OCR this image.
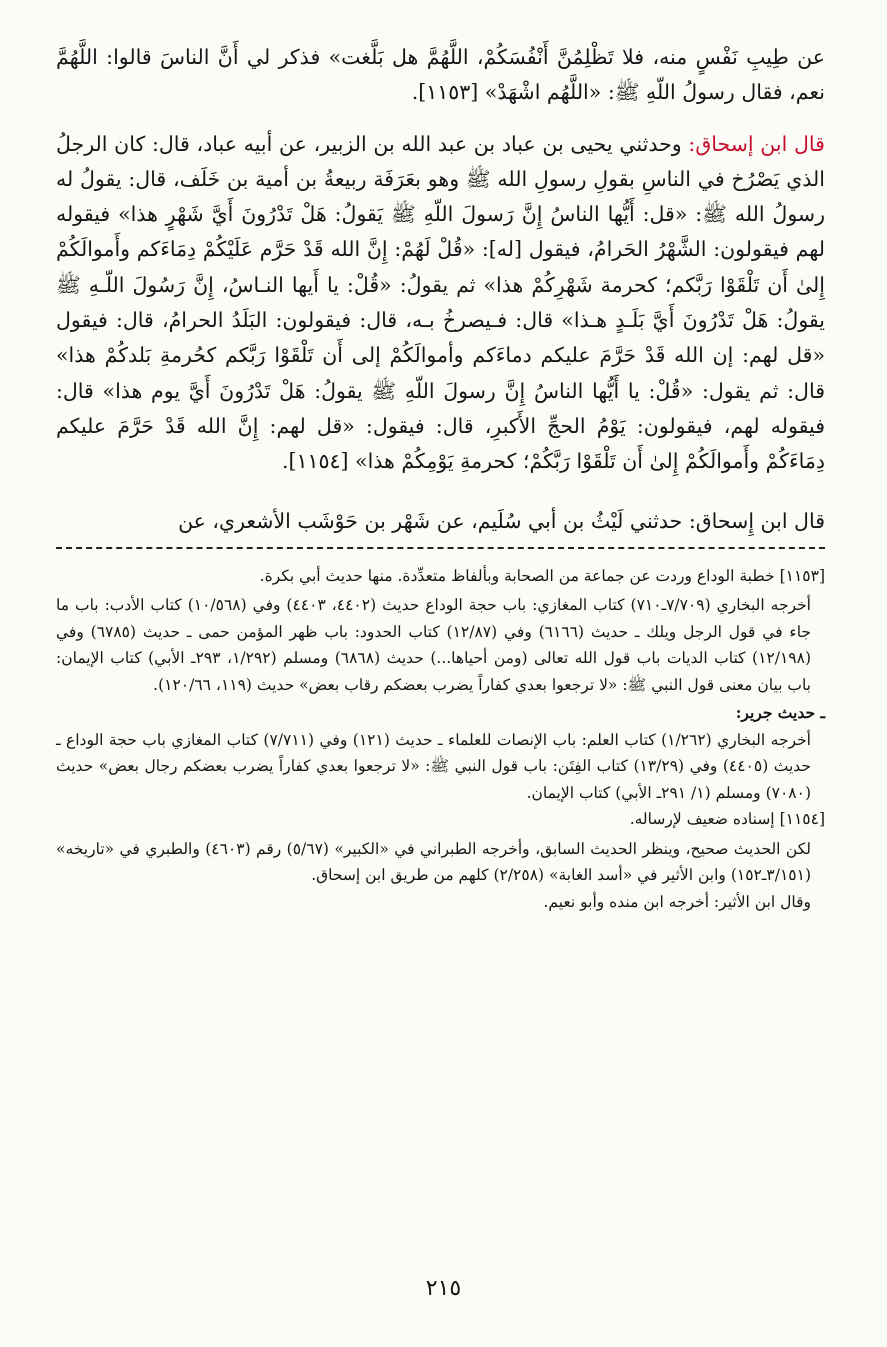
عن طِيبِ نَفْسٍ منه، فلا تَظْلِمُنَّ أَنْفُسَكُمْ، اللَّهُمَّ هل بَلَّغت» فذكر لي أَنَّ الناسَ قالوا: اللَّهُمَّ نعم، فقال رسولُ اللّهِ ﷺ: «اللَّهُم اشْهَدْ» [١١٥٣].

قال ابن إسحاق: وحدثني يحيى بن عباد بن عبد الله بن الزبير، عن أبيه عباد، قال: كان الرجلُ الذي يَصْرُخ في الناسِ بقولِ رسولِ الله ﷺ وهو بعَرَفَة ربيعةُ بن أمية بن خَلَف، قال: يقولُ له رسولُ الله ﷺ: «قل: أَيُّها الناسُ إِنَّ رَسولَ اللّهِ ﷺ يَقولُ: هَلْ تَدْرُونَ أَيَّ شَهْرٍ هذا» فيقوله لهم فيقولون: الشَّهْرُ الحَرامُ، فيقول [له]: «قُلْ لَهُمْ: إِنَّ الله قَدْ حَرَّم عَلَيْكُمْ دِمَاءَكم وأَموالَكُمْ إِلىٰ أَن تَلْقَوْا رَبَّكم؛ كحرمة شَهْرِكُمْ هذا» ثم يقولُ: «قُلْ: يا أَيها النـاسُ، إِنَّ رَسُولَ اللّـهِ ﷺ يقولُ: هَلْ تَدْرُونَ أَيَّ بَلَـدٍ هـذا» قال: فـيصرخُ بـه، قال: فيقولون: البَلَدُ الحرامُ، قال: فيقول «قل لهم: إن الله قَدْ حَرَّمَ عليكم دماءَكم وأموالَكُمْ إلى أَن تَلْقَوْا رَبَّكم كحُرمةِ بَلدكُمْ هذا» قال: ثم يقول: «قُلْ: يا أَيُّها الناسُ إِنَّ رسولَ اللّهِ ﷺ يقولُ: هَلْ تَدْرُونَ أَيَّ يوم هذا» قال: فيقوله لهم، فيقولون: يَوْمُ الحجِّ الأَكبرِ، قال: فيقول: «قل لهم: إِنَّ الله قَدْ حَرَّمَ عليكم دِمَاءَكُمْ وأَموالَكُمْ إِلىٰ أَن تَلْقَوْا رَبَّكُمْ؛ كحرمةِ يَوْمِكُمْ هذا» [١١٥٤].

قال ابن إِسحاق: حدثني لَيْثُ بن أبي سُلَيم، عن شَهْر بن حَوْشَب الأشعري، عن

[١١٥٣] خطبة الوداع وردت عن جماعة من الصحابة وبألفاظ متعدِّدة. منها حديث أبي بكرة.

أخرجه البخاري (٧/٧٠٩ـ٧١٠) كتاب المغازي: باب حجة الوداع حديث (٤٤٠٢، ٤٤٠٣) وفي (١٠/٥٦٨) كتاب الأدب: باب ما جاء في قول الرجل ويلك ـ حديث (٦١٦٦) وفي (١٢/٨٧) كتاب الحدود: باب ظهر المؤمن حمى ـ حديث (٦٧٨٥) وفي (١٢/١٩٨) كتاب الديات باب قول الله تعالى (ومن أحياها...) حديث (٦٨٦٨) ومسلم (١/٢٩٢، ٢٩٣ـ الأبي) كتاب الإيمان: باب بيان معنى قول النبي ﷺ: «لا ترجعوا بعدي كفاراً يضرب بعضكم رقاب بعض» حديث (١١٩، ١٢٠/٦٦).

ـ حديث جرير:

أخرجه البخاري (١/٢٦٢) كتاب العلم: باب الإنصات للعلماء ـ حديث (١٢١) وفي (٧/٧١١) كتاب المغازي باب حجة الوداع ـ حديث (٤٤٠٥) وفي (١٣/٢٩) كتاب الفِتَن: باب قول النبي ﷺ: «لا ترجعوا بعدي كفاراً يضرب بعضكم رجال بعض» حديث (٧٠٨٠) ومسلم (١/ ٢٩١ـ الأبي) كتاب الإيمان.

[١١٥٤] إسناده ضعيف لإرساله.

لكن الحديث صحيح، وينظر الحديث السابق، وأخرجه الطبراني في «الكبير» (٥/٦٧) رقم (٤٦٠٣) والطبري في «تاريخه» (٣/١٥١ـ١٥٢) وابن الأثير في «أسد الغابة» (٢/٢٥٨) كلهم من طريق ابن إسحاق.

وقال ابن الأثير: أخرجه ابن منده وأبو نعيم.

٢١٥
